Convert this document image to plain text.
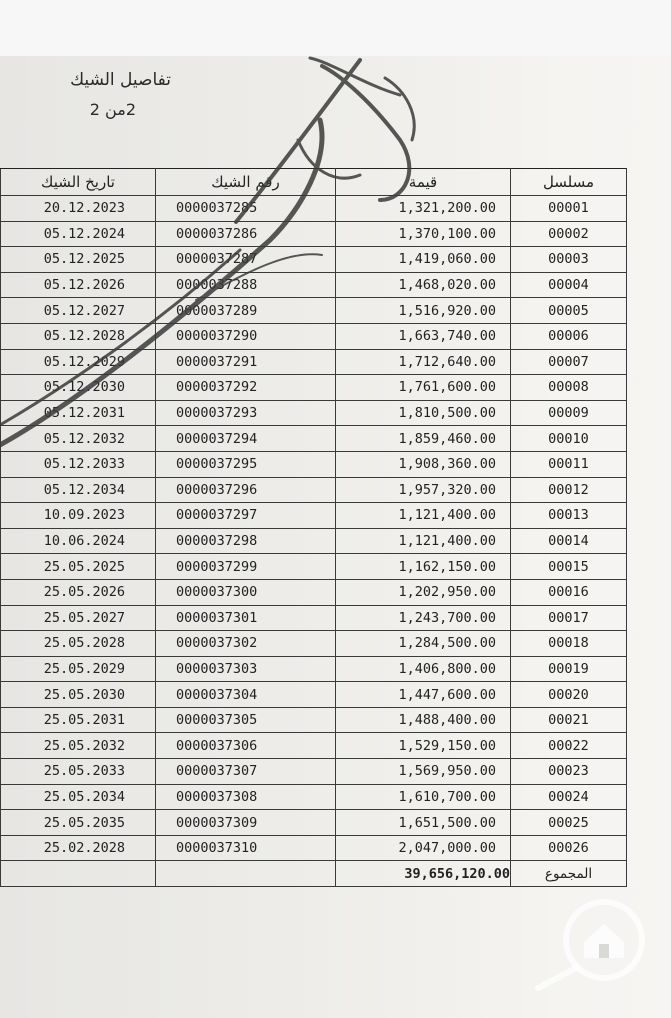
تفاصيل الشيك
2من 2
تاريخ الشيك	رقم الشيك	قيمة	مسلسل
20.12.2023	0000037285	1,321,200.00	00001
05.12.2024	0000037286	1,370,100.00	00002
05.12.2025	0000037287	1,419,060.00	00003
05.12.2026	0000037288	1,468,020.00	00004
05.12.2027	0000037289	1,516,920.00	00005
05.12.2028	0000037290	1,663,740.00	00006
05.12.2029	0000037291	1,712,640.00	00007
05.12.2030	0000037292	1,761,600.00	00008
05.12.2031	0000037293	1,810,500.00	00009
05.12.2032	0000037294	1,859,460.00	00010
05.12.2033	0000037295	1,908,360.00	00011
05.12.2034	0000037296	1,957,320.00	00012
10.09.2023	0000037297	1,121,400.00	00013
10.06.2024	0000037298	1,121,400.00	00014
25.05.2025	0000037299	1,162,150.00	00015
25.05.2026	0000037300	1,202,950.00	00016
25.05.2027	0000037301	1,243,700.00	00017
25.05.2028	0000037302	1,284,500.00	00018
25.05.2029	0000037303	1,406,800.00	00019
25.05.2030	0000037304	1,447,600.00	00020
25.05.2031	0000037305	1,488,400.00	00021
25.05.2032	0000037306	1,529,150.00	00022
25.05.2033	0000037307	1,569,950.00	00023
25.05.2034	0000037308	1,610,700.00	00024
25.05.2035	0000037309	1,651,500.00	00025
25.02.2028	0000037310	2,047,000.00	00026
		39,656,120.00	المجموع
